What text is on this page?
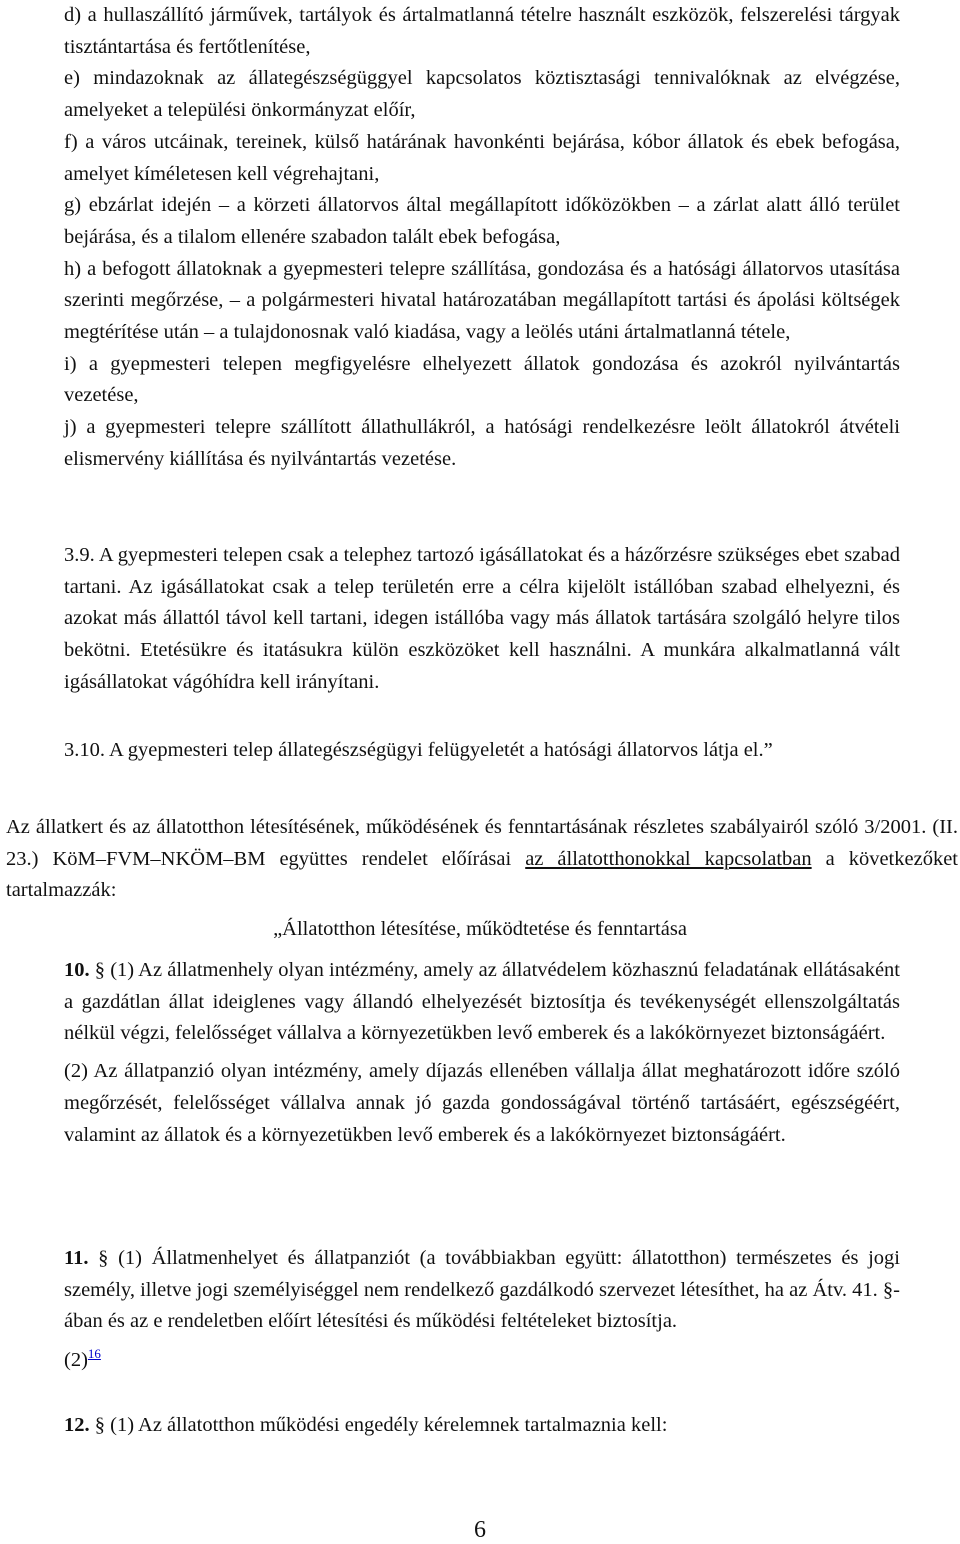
d) a hullaszállító járművek, tartályok és ártalmatlanná tételre használt eszközök, felszerelési tárgyak tisztántartása és fertőtlenítése,

e) mindazoknak az állategészségüggyel kapcsolatos köztisztasági tennivalóknak az elvégzése, amelyeket a települési önkormányzat előír,

f) a város utcáinak, tereinek, külső határának havonkénti bejárása, kóbor állatok és ebek befogása, amelyet kíméletesen kell végrehajtani,

g) ebzárlat idején – a körzeti állatorvos által megállapított időközökben – a zárlat alatt álló terület bejárása, és a tilalom ellenére szabadon talált ebek befogása,

h) a befogott állatoknak a gyepmesteri telepre szállítása, gondozása és a hatósági állatorvos utasítása szerinti megőrzése, – a polgármesteri hivatal határozatában megállapított tartási és ápolási költségek megtérítése után – a tulajdonosnak való kiadása, vagy a leölés utáni ártalmatlanná tétele,

i) a gyepmesteri telepen megfigyelésre elhelyezett állatok gondozása és azokról nyilvántartás vezetése,

j) a gyepmesteri telepre szállított állathullákról, a hatósági rendelkezésre leölt állatokról átvételi elismervény kiállítása és nyilvántartás vezetése.

3.9. A gyepmesteri telepen csak a telephez tartozó igásállatokat és a házőrzésre szükséges ebet szabad tartani. Az igásállatokat csak a telep területén erre a célra kijelölt istállóban szabad elhelyezni, és azokat más állattól távol kell tartani, idegen istállóba vagy más állatok tartására szolgáló helyre tilos bekötni. Etetésükre és itatásukra külön eszközöket kell használni. A munkára alkalmatlanná vált igásállatokat vágóhídra kell irányítani.

3.10. A gyepmesteri telep állategészségügyi felügyeletét a hatósági állatorvos látja el.”

Az állatkert és az állatotthon létesítésének, működésének és fenntartásának részletes szabályairól szóló 3/2001. (II. 23.) KöM–FVM–NKÖM–BM együttes rendelet előírásai az állatotthonokkal kapcsolatban a következőket tartalmazzák:

„Állatotthon létesítése, működtetése és fenntartása

10. § (1) Az állatmenhely olyan intézmény, amely az állatvédelem közhasznú feladatának ellátásaként a gazdátlan állat ideiglenes vagy állandó elhelyezését biztosítja és tevékenységét ellenszolgáltatás nélkül végzi, felelősséget vállalva a környezetükben levő emberek és a lakókörnyezet biztonságáért.

(2) Az állatpanzió olyan intézmény, amely díjazás ellenében vállalja állat meghatározott időre szóló megőrzését, felelősséget vállalva annak jó gazda gondosságával történő tartásáért, egészségéért, valamint az állatok és a környezetükben levő emberek és a lakókörnyezet biztonságáért.

11. § (1) Állatmenhelyet és állatpanziót (a továbbiakban együtt: állatotthon) természetes és jogi személy, illetve jogi személyiséggel nem rendelkező gazdálkodó szervezet létesíthet, ha az Átv. 41. §-ában és az e rendeletben előírt létesítési és működési feltételeket biztosítja.

(2)$^{16}$

12. § (1) Az állatotthon működési engedély kérelemnek tartalmaznia kell:

6
